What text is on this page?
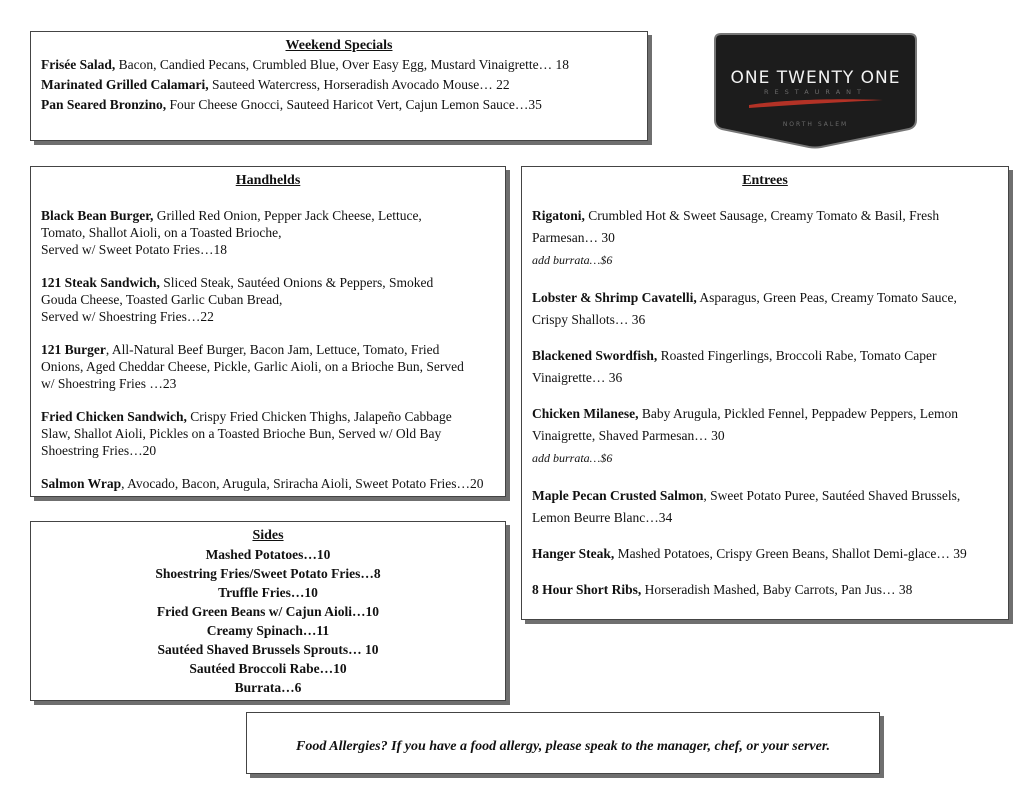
Weekend Specials
Frisée Salad, Bacon, Candied Pecans, Crumbled Blue, Over Easy Egg, Mustard Vinaigrette… 18
Marinated Grilled Calamari, Sauteed Watercress, Horseradish Avocado Mouse… 22
Pan Seared Bronzino, Four Cheese Gnocci, Sauteed Haricot Vert, Cajun Lemon Sauce…35
ONE TWENTY ONE
RESTAURANT
NORTH SALEM
Handhelds
Black Bean Burger, Grilled Red Onion, Pepper Jack Cheese, Lettuce,
Tomato, Shallot Aioli, on a Toasted Brioche,
Served w/ Sweet Potato Fries…18
121 Steak Sandwich, Sliced Steak, Sautéed Onions & Peppers, Smoked
Gouda Cheese, Toasted Garlic Cuban Bread,
Served w/ Shoestring Fries…22
121 Burger, All-Natural Beef Burger, Bacon Jam, Lettuce, Tomato, Fried
Onions, Aged Cheddar Cheese, Pickle, Garlic Aioli, on a Brioche Bun, Served
w/ Shoestring Fries …23
Fried Chicken Sandwich, Crispy Fried Chicken Thighs, Jalapeño Cabbage
Slaw, Shallot Aioli, Pickles on a Toasted Brioche Bun, Served w/ Old Bay
Shoestring Fries…20
Salmon Wrap, Avocado, Bacon, Arugula, Sriracha Aioli, Sweet Potato Fries…20
Entrees
Rigatoni, Crumbled Hot & Sweet Sausage, Creamy Tomato & Basil, Fresh
Parmesan… 30
add burrata…$6
Lobster & Shrimp Cavatelli, Asparagus, Green Peas, Creamy Tomato Sauce,
Crispy Shallots… 36
Blackened Swordfish, Roasted Fingerlings, Broccoli Rabe, Tomato Caper
Vinaigrette… 36
Chicken Milanese, Baby Arugula, Pickled Fennel, Peppadew Peppers, Lemon
Vinaigrette, Shaved Parmesan… 30
add burrata…$6
Maple Pecan Crusted Salmon, Sweet Potato Puree, Sautéed Shaved Brussels,
Lemon Beurre Blanc…34
Hanger Steak, Mashed Potatoes, Crispy Green Beans, Shallot Demi-glace… 39
8 Hour Short Ribs, Horseradish Mashed, Baby Carrots, Pan Jus… 38
Sides
Mashed Potatoes…10
Shoestring Fries/Sweet Potato Fries…8
Truffle Fries…10
Fried Green Beans w/ Cajun Aioli…10
Creamy Spinach…11
Sautéed Shaved Brussels Sprouts… 10
Sautéed Broccoli Rabe…10
Burrata…6
Food Allergies? If you have a food allergy, please speak to the manager, chef, or your server.
